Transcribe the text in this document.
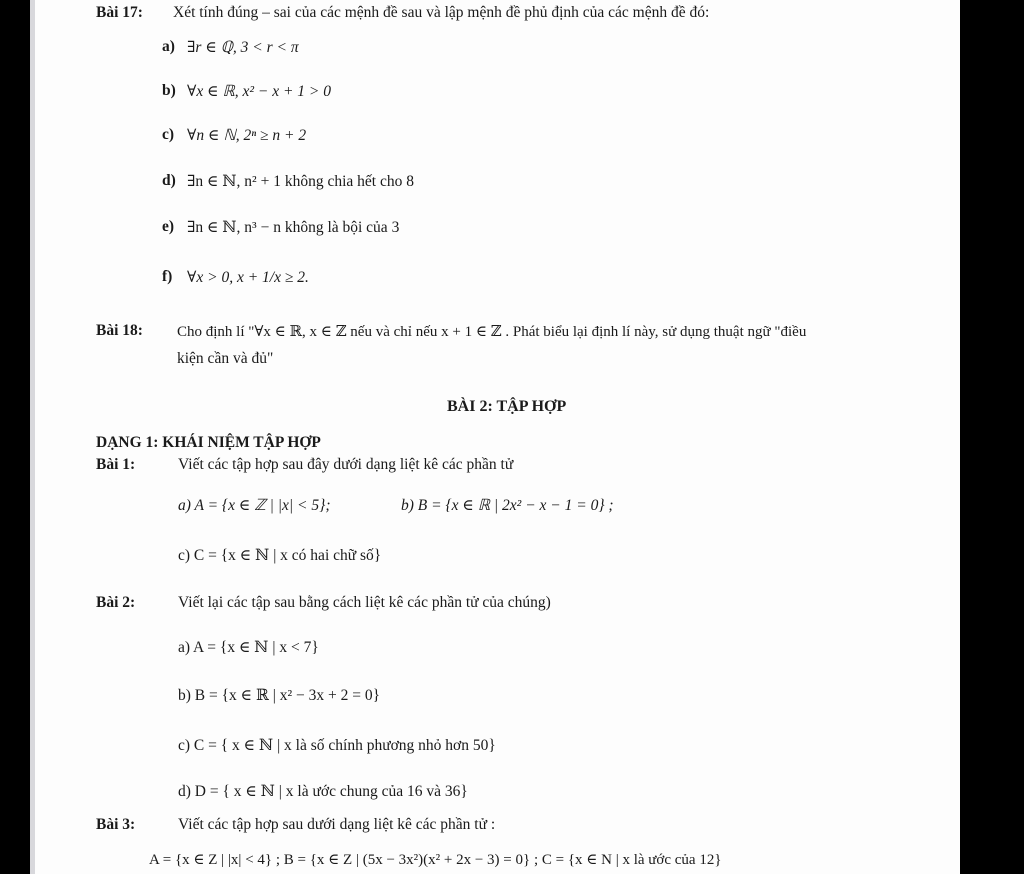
Bài 17: Xét tính đúng – sai của các mệnh đề sau và lập mệnh đề phủ định của các mệnh đề đó:
a) ∃r ∈ ℚ, 3 < r < π
b) ∀x ∈ ℝ, x² − x + 1 > 0
c) ∀n ∈ ℕ, 2ⁿ ≥ n + 2
d) ∃n ∈ ℕ, n² + 1 không chia hết cho 8
e) ∃n ∈ ℕ, n³ − n không là bội của 3
f) ∀x > 0, x + 1/x ≥ 2.
Bài 18: Cho định lí "∀x ∈ ℝ, x ∈ ℤ nếu và chỉ nếu x + 1 ∈ ℤ . Phát biểu lại định lí này, sử dụng thuật ngữ "điều
kiện cần và đủ"
BÀI 2: TẬP HỢP
DẠNG 1: KHÁI NIỆM TẬP HỢP
Bài 1:	Viết các tập hợp sau đây dưới dạng liệt kê các phần tử
a) A = {x ∈ ℤ | |x| < 5};	b) B = {x ∈ ℝ | 2x² − x − 1 = 0} ;
c) C = {x ∈ ℕ | x có hai chữ số}
Bài 2:	Viết lại các tập sau bằng cách liệt kê các phần tử của chúng)
a) A = {x ∈ ℕ | x < 7}
b) B = {x ∈ ℝ | x² − 3x + 2 = 0}
c) C = { x ∈ ℕ | x là số chính phương nhỏ hơn 50}
d) D = { x ∈ ℕ | x là ước chung của 16 và 36}
Bài 3:	Viết các tập hợp sau dưới dạng liệt kê các phần tử :
A = {x ∈ Z | |x| < 4} ; B = {x ∈ Z | (5x − 3x²)(x² + 2x − 3) = 0} ; C = {x ∈ N | x là ước của 12}
